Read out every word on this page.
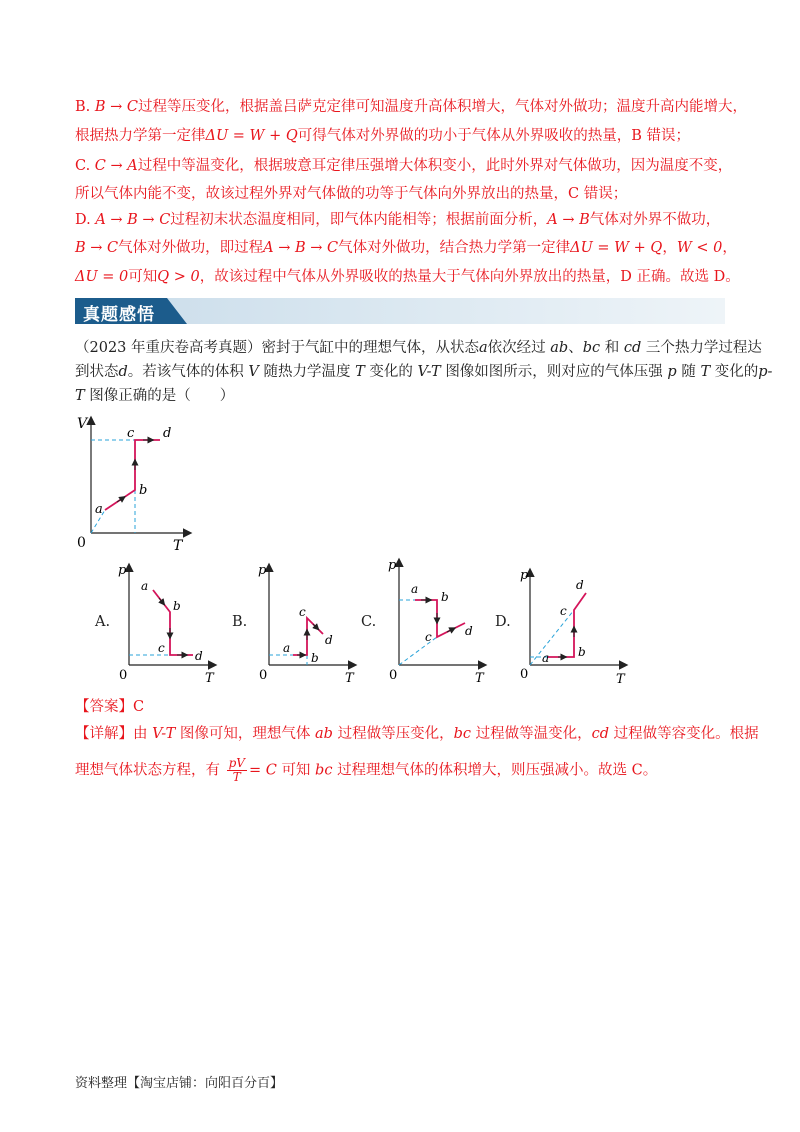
B. B → C过程等压变化，根据盖吕萨克定律可知温度升高体积增大，气体对外做功；温度升高内能增大，
根据热力学第一定律ΔU = W + Q可得气体对外界做的功小于气体从外界吸收的热量，B 错误；
C. C → A过程中等温变化，根据玻意耳定律压强增大体积变小，此时外界对气体做功，因为温度不变，
所以气体内能不变，故该过程外界对气体做的功等于气体向外界放出的热量，C 错误；
D. A → B → C过程初末状态温度相同，即气体内能相等；根据前面分析，A → B气体对外界不做功，
B → C气体对外做功，即过程A → B → C气体对外做功，结合热力学第一定律ΔU = W + Q，W < 0，
ΔU = 0可知Q > 0，故该过程中气体从外界吸收的热量大于气体向外界放出的热量，D 正确。故选 D。
真题感悟
（2023 年重庆卷高考真题）密封于气缸中的理想气体，从状态a依次经过 ab、bc 和 cd 三个热力学过程达
到状态d。若该气体的体积 V 随热力学温度 T 变化的 V-T 图像如图所示，则对应的气体压强 p 随 T 变化的p-
T 图像正确的是（　　）
V
T
0
a
b
c d
A.
p
T
0
a
b
c
d
B.
p
T
0
a
b
c
d
C.
p
T
0
a
b
c	d
D.
p
T
0
a b
c
d
【答案】C
【详解】由 V-T 图像可知，理想气体 ab 过程做等压变化，bc 过程做等温变化，cd 过程做等容变化。根据
理想气体状态方程，有 $\frac{pV}{T} = C$ 可知 bc 过程理想气体的体积增大，则压强减小。故选 C。
资料整理【淘宝店铺：向阳百分百】
